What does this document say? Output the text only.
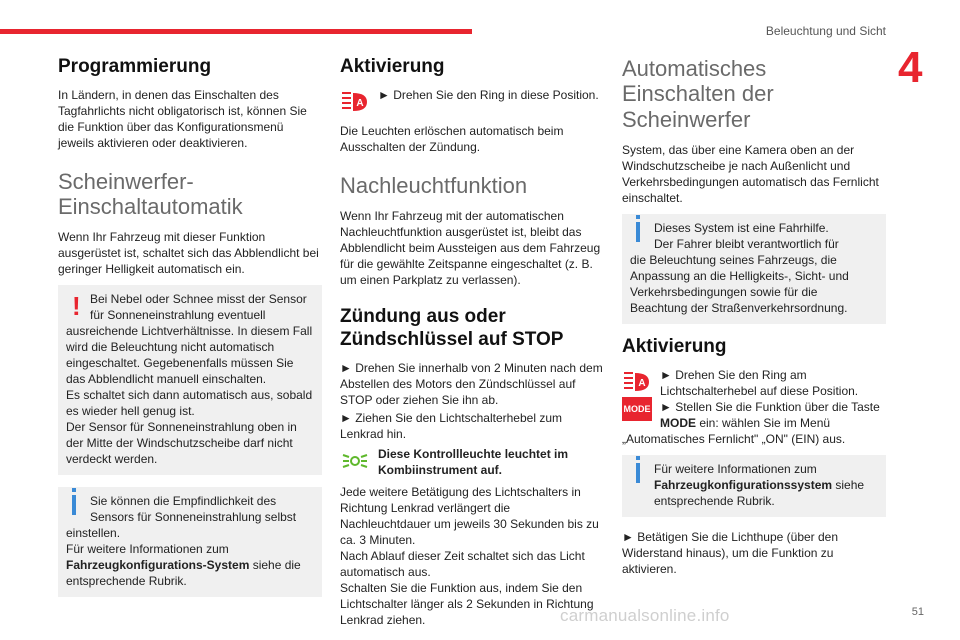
Beleuchtung und Sicht
4
Programmierung

In Ländern, in denen das Einschalten des Tagfahrlichts nicht obligatorisch ist, können Sie die Funktion über das Konfigurationsmenü jeweils aktivieren oder deaktivieren.

Scheinwerfer-Einschaltautomatik

Wenn Ihr Fahrzeug mit dieser Funktion ausgerüstet ist, schaltet sich das Abblendlicht bei geringer Helligkeit automatisch ein.

! Bei Nebel oder Schnee misst der Sensor für Sonneneinstrahlung eventuell

ausreichende Lichtverhältnisse. In diesem Fall wird die Beleuchtung nicht automatisch eingeschaltet. Gegebenenfalls müssen Sie das Abblendlicht manuell einschalten.

Es schaltet sich dann automatisch aus, sobald es wieder hell genug ist.

Der Sensor für Sonneneinstrahlung oben in der Mitte der Windschutzscheibe darf nicht verdeckt werden.

Sie können die Empfindlichkeit des Sensors für Sonneneinstrahlung selbst

einstellen.

Für weitere Informationen zum Fahrzeugkonfigurations-System siehe die entsprechende Rubrik.

Aktivierung
A

► Drehen Sie den Ring in diese Position.

Die Leuchten erlöschen automatisch beim Ausschalten der Zündung.

Nachleuchtfunktion

Wenn Ihr Fahrzeug mit der automatischen Nachleuchtfunktion ausgerüstet ist, bleibt das Abblendlicht beim Aussteigen aus dem Fahrzeug für die gewählte Zeitspanne eingeschaltet (z. B. um einen Parkplatz zu verlassen).

Zündung aus oder Zündschlüssel auf STOP

► Drehen Sie innerhalb von 2 Minuten nach dem Abstellen des Motors den Zündschlüssel auf STOP oder ziehen Sie ihn ab.

► Ziehen Sie den Lichtschalterhebel zum Lenkrad hin.

Diese Kontrollleuchte leuchtet im Kombiinstrument auf.

Jede weitere Betätigung des Lichtschalters in Richtung Lenkrad verlängert die Nachleuchtdauer um jeweils 30 Sekunden bis zu ca. 3 Minuten.

Nach Ablauf dieser Zeit schaltet sich das Licht automatisch aus.

Schalten Sie die Funktion aus, indem Sie den Lichtschalter länger als 2 Sekunden in Richtung Lenkrad ziehen.

Automatisches Einschalten der Scheinwerfer

System, das über eine Kamera oben an der Windschutzscheibe je nach Außenlicht und Verkehrsbedingungen automatisch das Fernlicht einschaltet.

Dieses System ist eine Fahrhilfe.

Der Fahrer bleibt verantwortlich für

die Beleuchtung seines Fahrzeugs, die Anpassung an die Helligkeits-, Sicht- und Verkehrsbedingungen sowie für die Beachtung der Straßenverkehrsordnung.

Aktivierung
A
MODE

► Drehen Sie den Ring am Lichtschalterhebel auf diese Position.

► Stellen Sie die Funktion über die Taste MODE ein: wählen Sie im Menü

„Automatisches Fernlicht" „ON" (EIN) aus.

Für weitere Informationen zum

Fahrzeugkonfigurationssystem siehe entsprechende Rubrik.

► Betätigen Sie die Lichthupe (über den Widerstand hinaus), um die Funktion zu aktivieren.

carmanualsonline.info	51
